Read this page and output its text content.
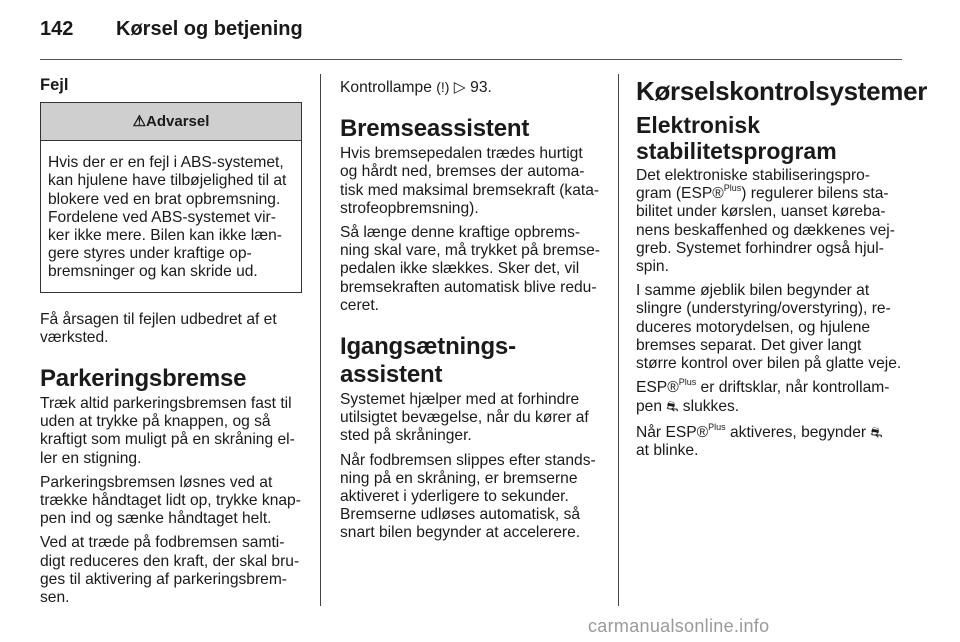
142 Kørsel og betjening
Fejl
⚠Advarsel
Hvis der er en fejl i ABS-systemet, kan hjulene have tilbøjelighed til at blokere ved en brat opbremsning. Fordelene ved ABS-systemet vir-ker ikke mere. Bilen kan ikke læn-gere styres under kraftige op-bremsninger og kan skride ud.

Få årsagen til fejlen udbedret af et værksted.

Parkeringsbremse

Træk altid parkeringsbremsen fast til uden at trykke på knappen, og så kraftigt som muligt på en skråning el-ler en stigning.

Parkeringsbremsen løsnes ved at trække håndtaget lidt op, trykke knap-pen ind og sænke håndtaget helt.

Ved at træde på fodbremsen samti-digt reduceres den kraft, der skal bru-ges til aktivering af parkeringsbrem-sen.

Kontrollampe (!) ▷ 93.

Bremseassistent

Hvis bremsepedalen trædes hurtigt og hårdt ned, bremses der automa-tisk med maksimal bremsekraft (kata-strofeopbremsning).

Så længe denne kraftige opbrems-ning skal vare, må trykket på bremse-pedalen ikke slækkes. Sker det, vil bremsekraften automatisk blive redu-ceret.

Igangsætnings-assistent

Systemet hjælper med at forhindre utilsigtet bevægelse, når du kører af sted på skråninger.

Når fodbremsen slippes efter stands-ning på en skråning, er bremserne aktiveret i yderligere to sekunder. Bremserne udløses automatisk, så snart bilen begynder at accelerere.

Kørselskontrolsystemer
Elektronisk stabilitetsprogram

Det elektroniske stabiliseringspro-gram (ESP®$^{Plus}$) regulerer bilens sta-bilitet under kørslen, uanset køreba-nens beskaffenhed og dækkenes vej-greb. Systemet forhindrer også hjul-spin.

I samme øjeblik bilen begynder at slingre (understyring/overstyring), re-duceres motorydelsen, og hjulene bremses separat. Det giver langt større kontrol over bilen på glatte veje.

ESP®$^{Plus}$ er driftsklar, når kontrollam-pen ⛐ slukkes.

Når ESP®$^{Plus}$ aktiveres, begynder ⛐
at blinke.

carmanualsonline.info
